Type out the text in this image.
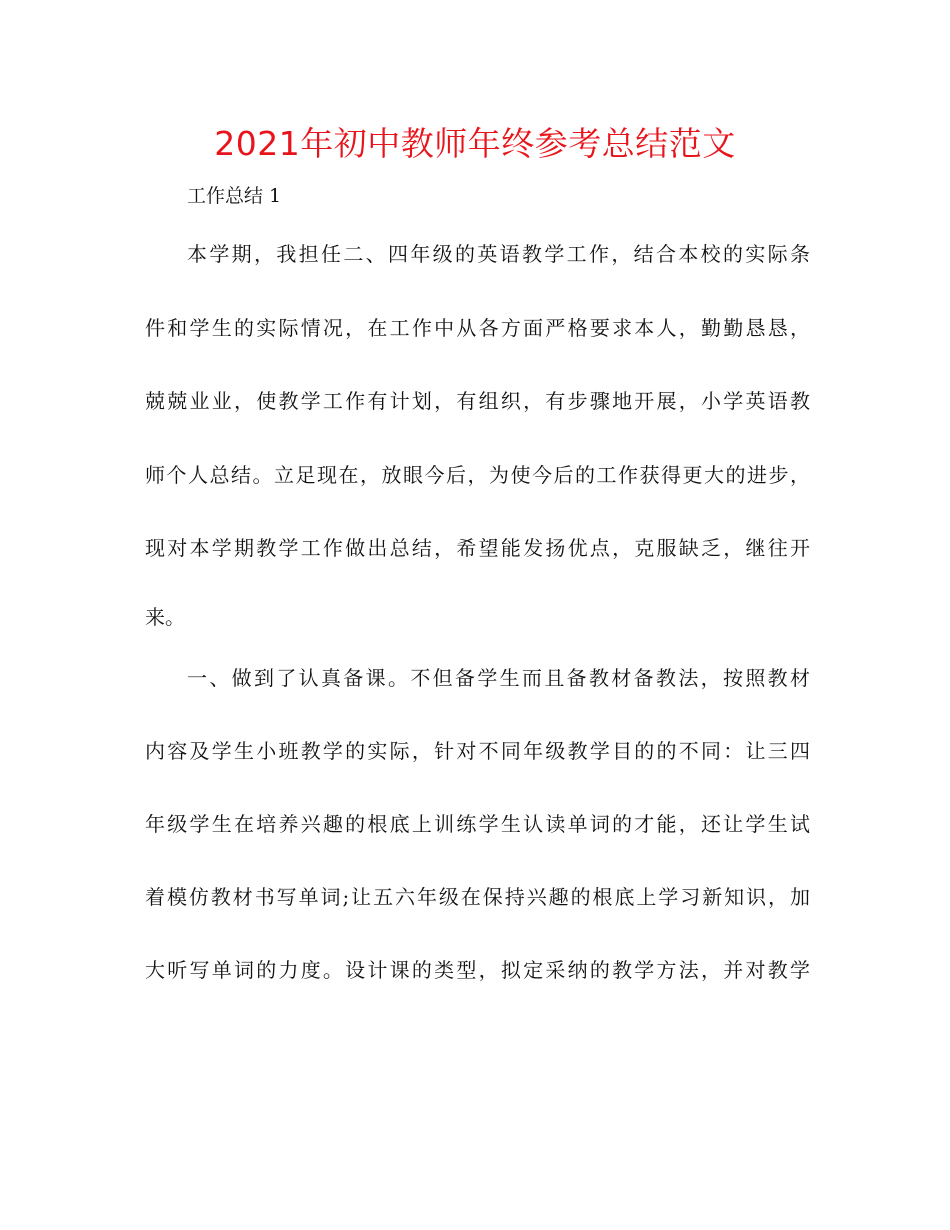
2021年初中教师年终参考总结范文
工作总结 1
本学期，我担任二、四年级的英语教学工作，结合本校的实际条
件和学生的实际情况，在工作中从各方面严格要求本人，勤勤恳恳，
兢兢业业，使教学工作有计划，有组织，有步骤地开展，小学英语教
师个人总结。立足现在，放眼今后，为使今后的工作获得更大的进步，
现对本学期教学工作做出总结，希望能发扬优点，克服缺乏，继往开
来。
一、做到了认真备课。不但备学生而且备教材备教法，按照教材
内容及学生小班教学的实际，针对不同年级教学目的的不同：让三四
年级学生在培养兴趣的根底上训练学生认读单词的才能，还让学生试
着模仿教材书写单词;让五六年级在保持兴趣的根底上学习新知识，加
大听写单词的力度。设计课的类型，拟定采纳的教学方法，并对教学
